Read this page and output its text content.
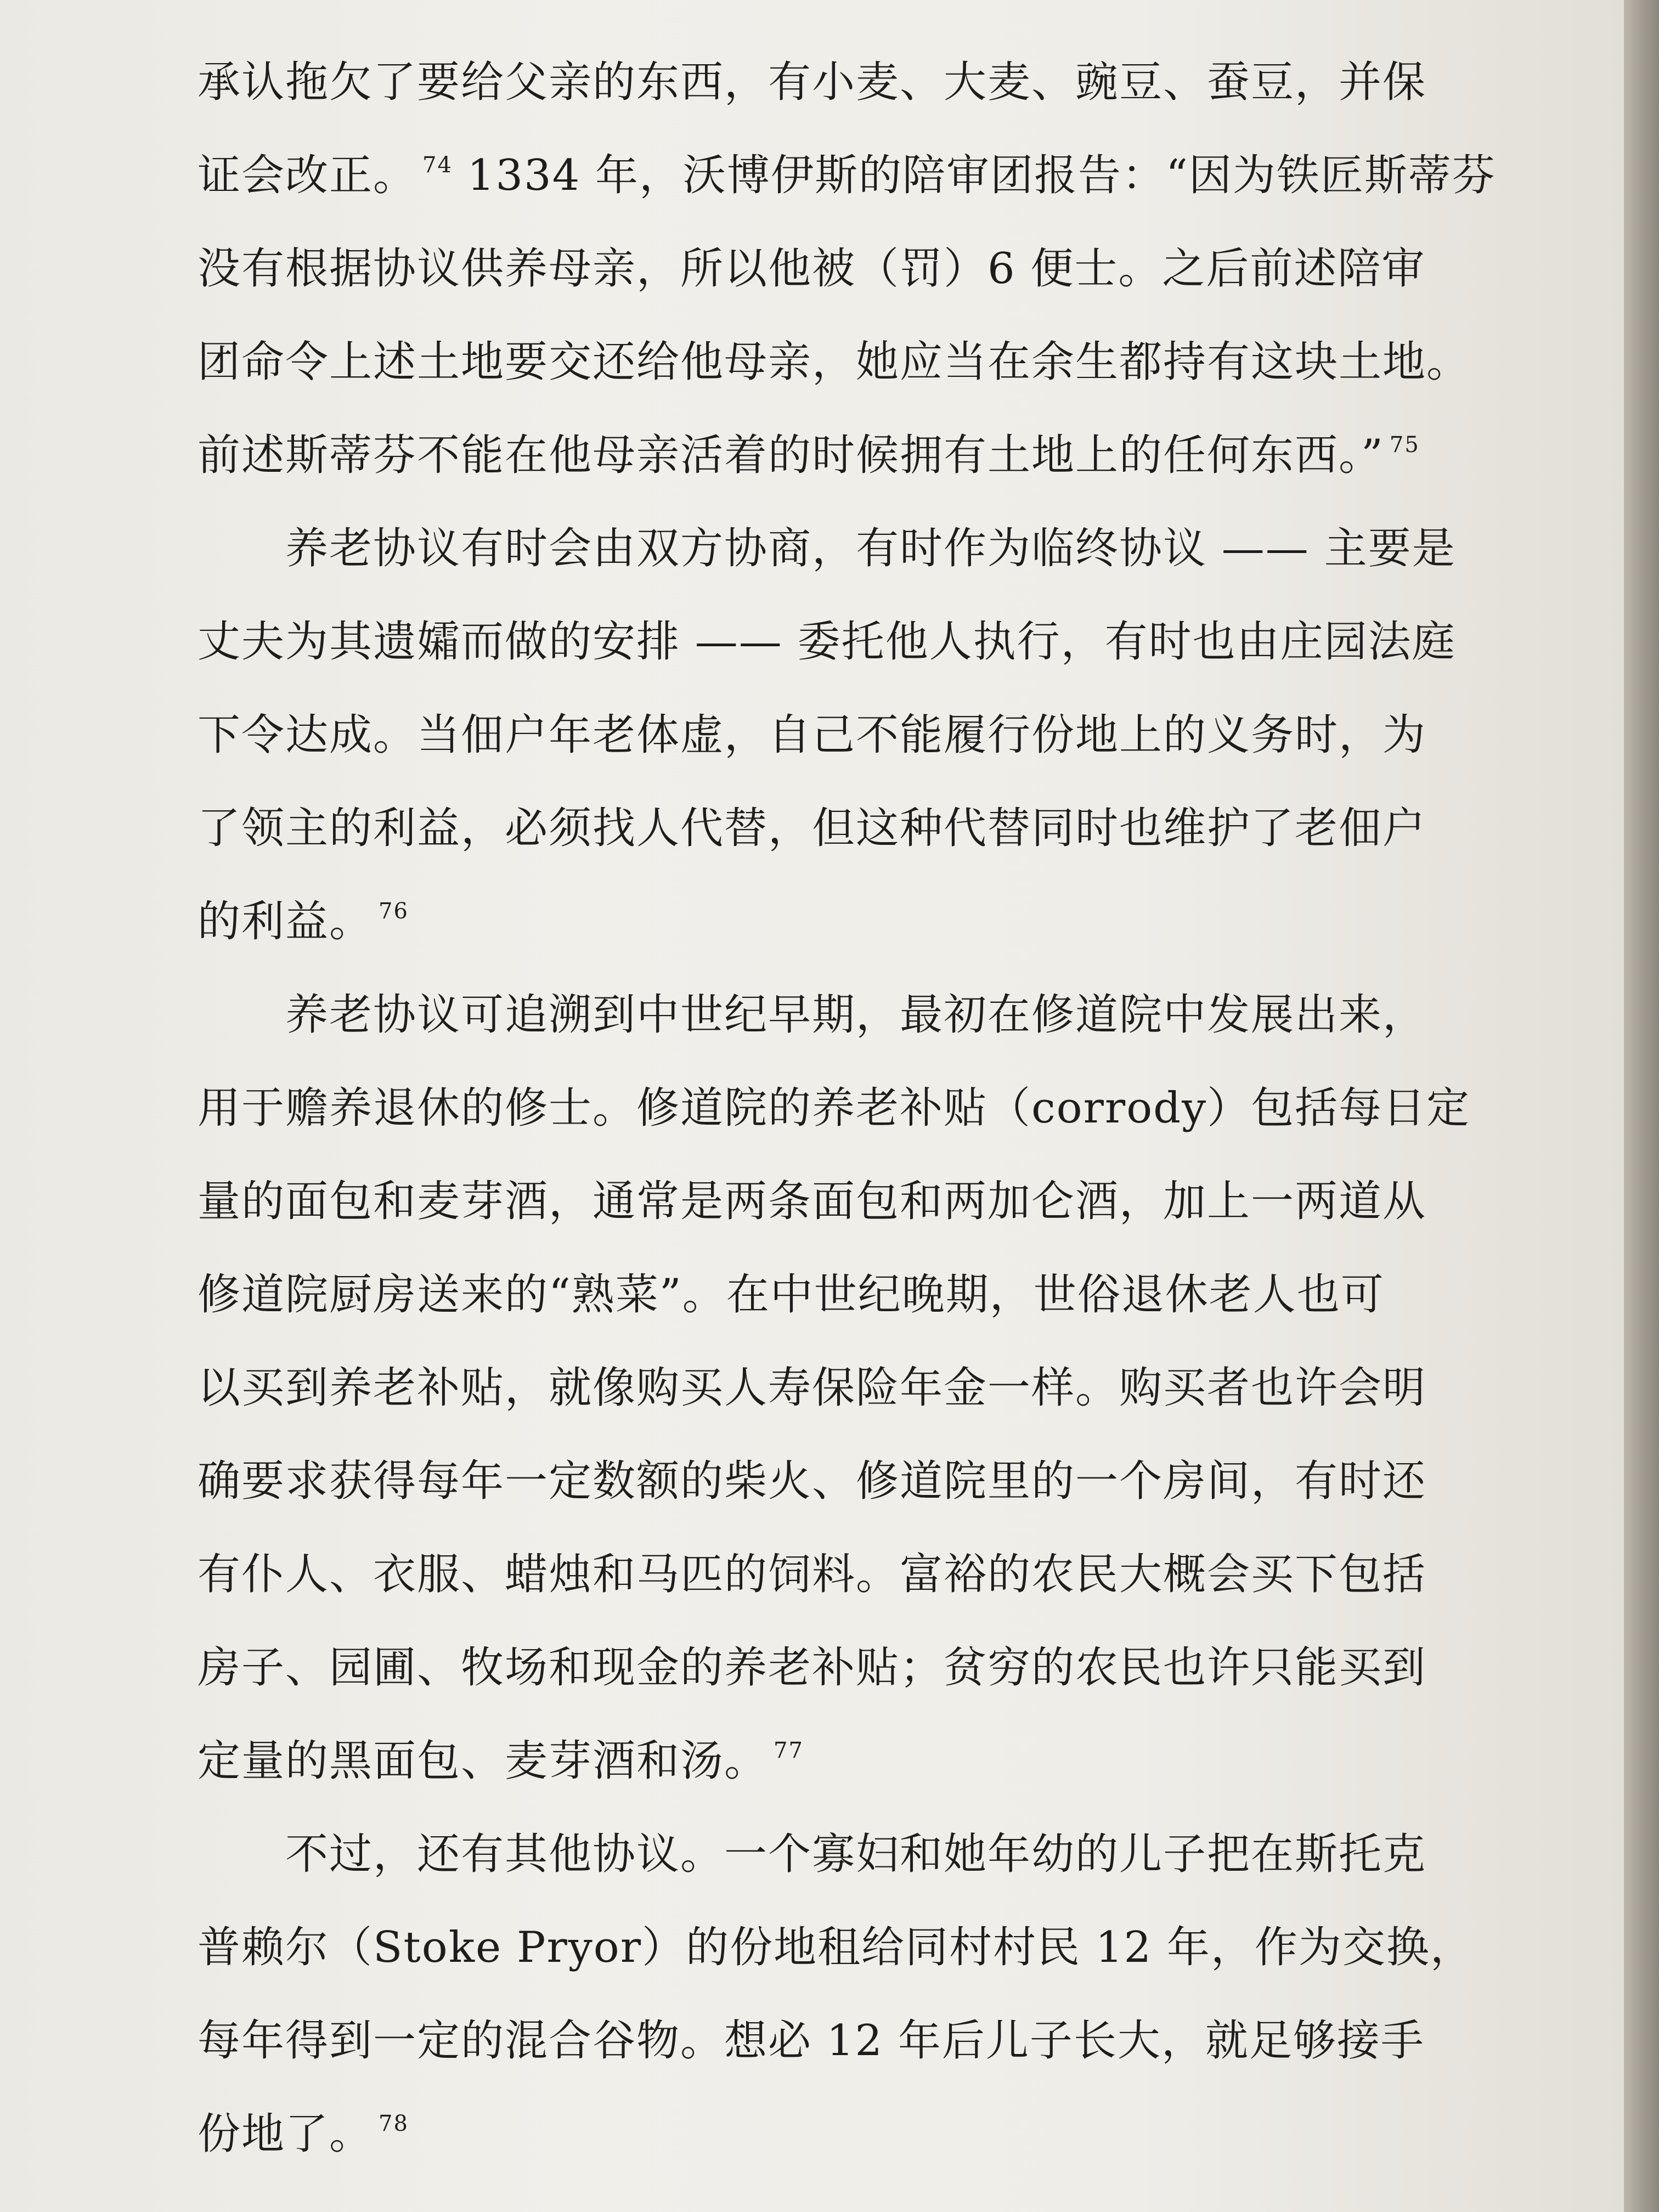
承认拖欠了要给父亲的东西，有小麦、大麦、豌豆、蚕豆，并保
证会改正。 $^{74}$ 1334 年，沃博伊斯的陪审团报告：“因为铁匠斯蒂芬
没有根据协议供养母亲，所以他被（罚）6 便士。之后前述陪审
团命令上述土地要交还给他母亲，她应当在余生都持有这块土地。
前述斯蒂芬不能在他母亲活着的时候拥有土地上的任何东西。” $^{75}$
养老协议有时会由双方协商，有时作为临终协议 —— 主要是
丈夫为其遗孀而做的安排 —— 委托他人执行，有时也由庄园法庭
下令达成。当佃户年老体虚，自己不能履行份地上的义务时，为
了领主的利益，必须找人代替，但这种代替同时也维护了老佃户
的利益。 $^{76}$
养老协议可追溯到中世纪早期，最初在修道院中发展出来，
用于赡养退休的修士。修道院的养老补贴（corrody）包括每日定
量的面包和麦芽酒，通常是两条面包和两加仑酒，加上一两道从
修道院厨房送来的“熟菜”。在中世纪晚期，世俗退休老人也可
以买到养老补贴，就像购买人寿保险年金一样。购买者也许会明
确要求获得每年一定数额的柴火、修道院里的一个房间，有时还
有仆人、衣服、蜡烛和马匹的饲料。富裕的农民大概会买下包括
房子、园圃、牧场和现金的养老补贴；贫穷的农民也许只能买到
定量的黑面包、麦芽酒和汤。 $^{77}$
不过，还有其他协议。一个寡妇和她年幼的儿子把在斯托克
普赖尔（Stoke Pryor）的份地租给同村村民 12 年，作为交换，
每年得到一定的混合谷物。想必 12 年后儿子长大，就足够接手
份地了。 $^{78}$
